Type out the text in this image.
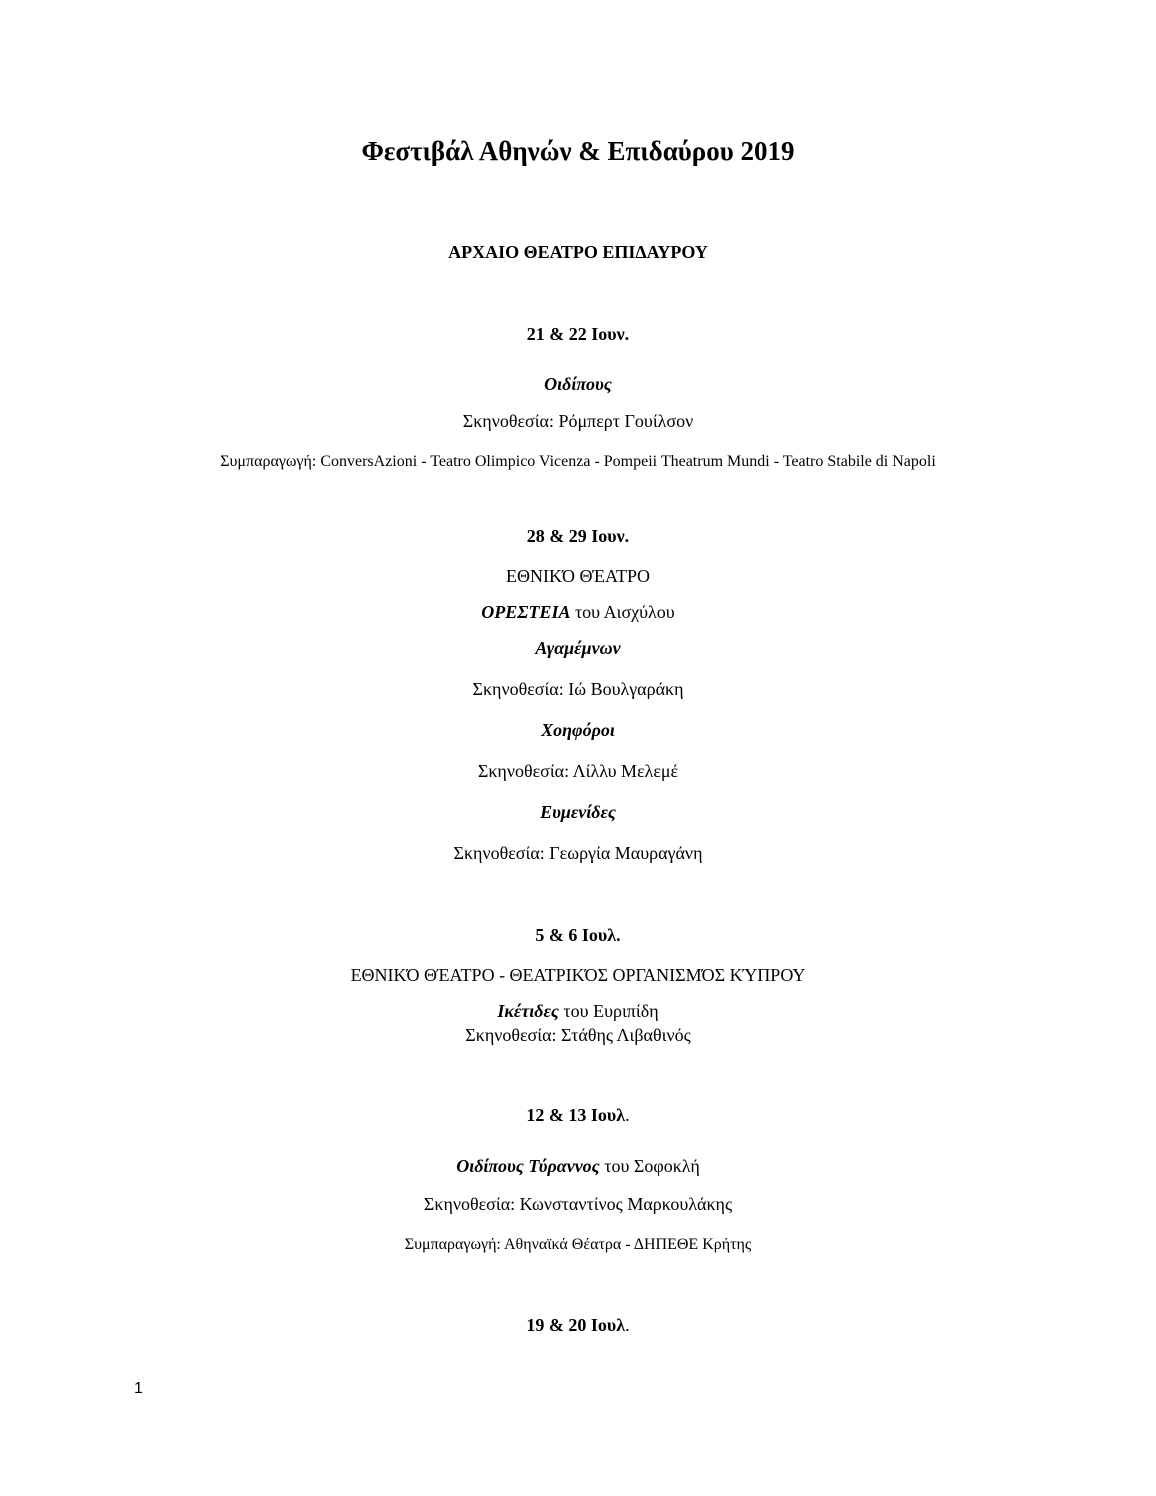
Φεστιβάλ Αθηνών & Επιδαύρου 2019
ΑΡΧΑΙΟ ΘΕΑΤΡΟ ΕΠΙΔΑΥΡΟΥ
21 & 22 Ιουν.
Οιδίπους
Σκηνοθεσία: Ρόμπερτ Γουίλσον
Συμπαραγωγή: ConversAzioni - Teatro Olimpico Vicenza - Pompeii Theatrum Mundi - Teatro Stabile di Napoli
28 & 29 Ιουν.
ΕΘΝΙΚΌ ΘΈΑΤΡΟ
ΟΡΕΣΤΕΙΑ του Αισχύλου
Αγαμέμνων
Σκηνοθεσία: Ιώ Βουλγαράκη
Χοηφόροι
Σκηνοθεσία: Λίλλυ Μελεμέ
Ευμενίδες
Σκηνοθεσία: Γεωργία Μαυραγάνη
5 & 6 Ιουλ.
ΕΘΝΙΚΌ ΘΈΑΤΡΟ - ΘΕΑΤΡΙΚΌΣ ΟΡΓΑΝΙΣΜΌΣ ΚΎΠΡΟΥ
Ικέτιδες του Ευριπίδη
Σκηνοθεσία: Στάθης Λιβαθινός
12 & 13 Ιουλ.
Οιδίπους Τύραννος του Σοφοκλή
Σκηνοθεσία: Κωνσταντίνος Μαρκουλάκης
Συμπαραγωγή: Αθηναϊκά Θέατρα - ΔΗΠΕΘΕ Κρήτης
19 & 20 Ιουλ.
1
